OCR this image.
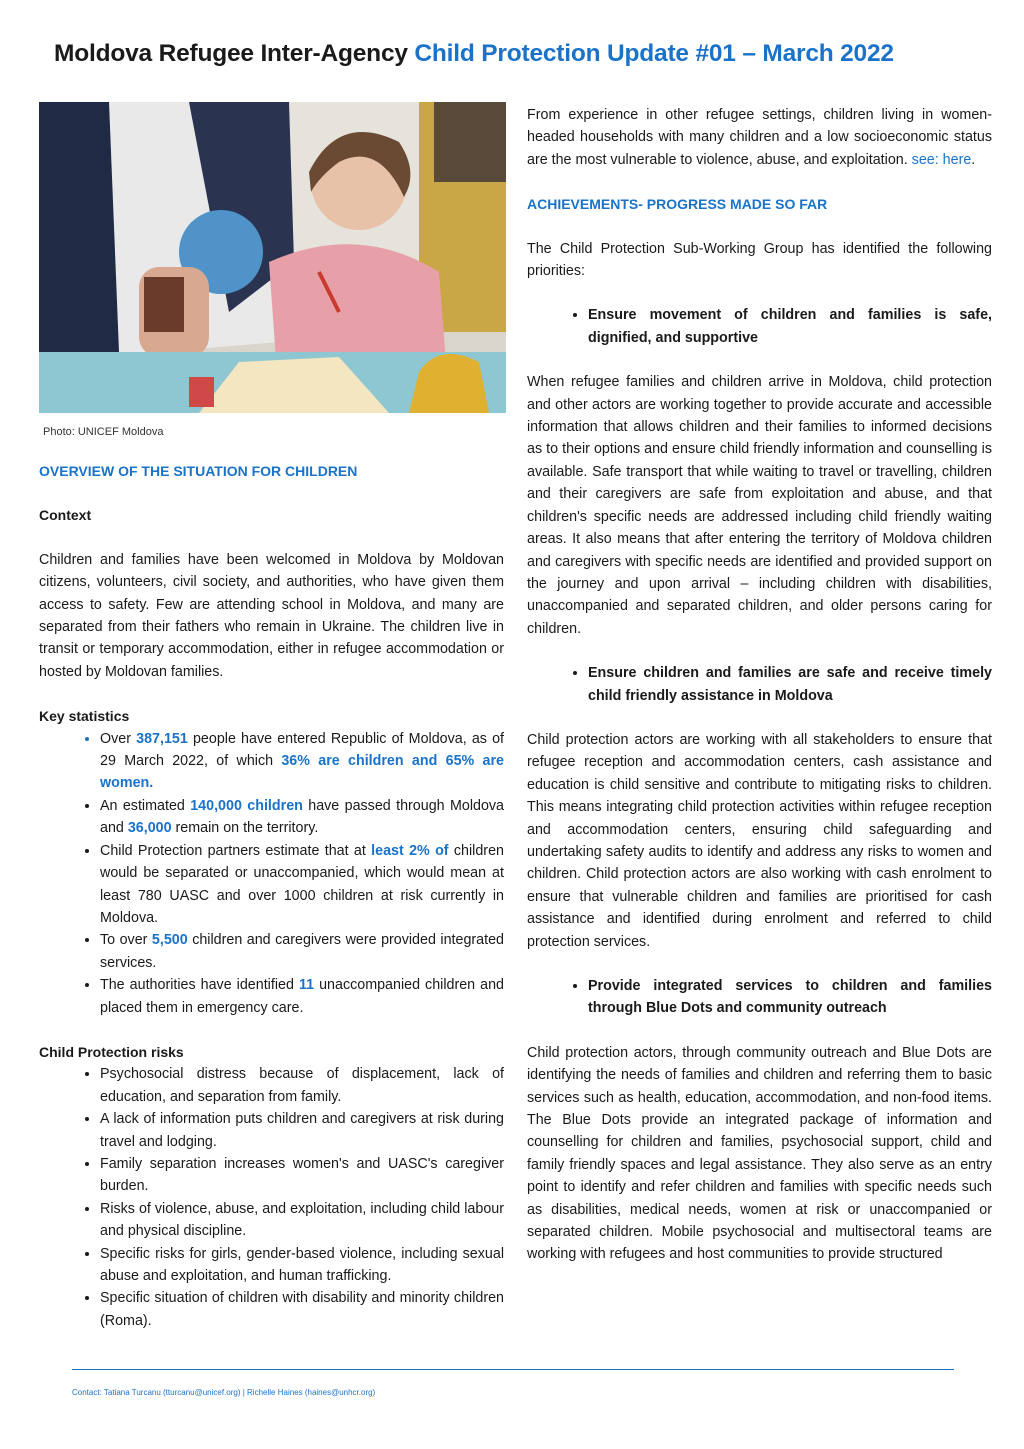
Moldova Refugee Inter-Agency Child Protection Update #01 – March 2022
Photo: UNICEF Moldova

OVERVIEW OF THE SITUATION FOR CHILDREN

Context

Children and families have been welcomed in Moldova by Moldovan citizens, volunteers, civil society, and authorities, who have given them access to safety. Few are attending school in Moldova, and many are separated from their fathers who remain in Ukraine. The children live in transit or temporary accommodation, either in refugee accommodation or hosted by Moldovan families.

Key statistics

• Over 387,151 people have entered Republic of Moldova, as of 29 March 2022, of which 36% are children and 65% are women.
• An estimated 140,000 children have passed through Moldova and 36,000 remain on the territory.
• Child Protection partners estimate that at least 2% of children would be separated or unaccompanied, which would mean at least 780 UASC and over 1000 children at risk currently in Moldova.
• To over 5,500 children and caregivers were provided integrated services.
• The authorities have identified 11 unaccompanied children and placed them in emergency care.

Child Protection risks

• Psychosocial distress because of displacement, lack of education, and separation from family.
• A lack of information puts children and caregivers at risk during travel and lodging.
• Family separation increases women's and UASC's caregiver burden.
• Risks of violence, abuse, and exploitation, including child labour and physical discipline.
• Specific risks for girls, gender-based violence, including sexual abuse and exploitation, and human trafficking.
• Specific situation of children with disability and minority children (Roma).

From experience in other refugee settings, children living in women-headed households with many children and a low socioeconomic status are the most vulnerable to violence, abuse, and exploitation. see: here.

ACHIEVEMENTS- PROGRESS MADE SO FAR

The Child Protection Sub-Working Group has identified the following priorities:

• Ensure movement of children and families is safe, dignified, and supportive

When refugee families and children arrive in Moldova, child protection and other actors are working together to provide accurate and accessible information that allows children and their families to informed decisions as to their options and ensure child friendly information and counselling is available. Safe transport that while waiting to travel or travelling, children and their caregivers are safe from exploitation and abuse, and that children's specific needs are addressed including child friendly waiting areas. It also means that after entering the territory of Moldova children and caregivers with specific needs are identified and provided support on the journey and upon arrival – including children with disabilities, unaccompanied and separated children, and older persons caring for children.

• Ensure children and families are safe and receive timely child friendly assistance in Moldova

Child protection actors are working with all stakeholders to ensure that refugee reception and accommodation centers, cash assistance and education is child sensitive and contribute to mitigating risks to children. This means integrating child protection activities within refugee reception and accommodation centers, ensuring child safeguarding and undertaking safety audits to identify and address any risks to women and children. Child protection actors are also working with cash enrolment to ensure that vulnerable children and families are prioritised for cash assistance and identified during enrolment and referred to child protection services.

• Provide integrated services to children and families through Blue Dots and community outreach

Child protection actors, through community outreach and Blue Dots are identifying the needs of families and children and referring them to basic services such as health, education, accommodation, and non-food items. The Blue Dots provide an integrated package of information and counselling for children and families, psychosocial support, child and family friendly spaces and legal assistance. They also serve as an entry point to identify and refer children and families with specific needs such as disabilities, medical needs, women at risk or unaccompanied or separated children. Mobile psychosocial and multisectoral teams are working with refugees and host communities to provide structured

Contact: Tatiana Turcanu (tturcanu@unicef.org) | Richelle Haines (haines@unhcr.org)
